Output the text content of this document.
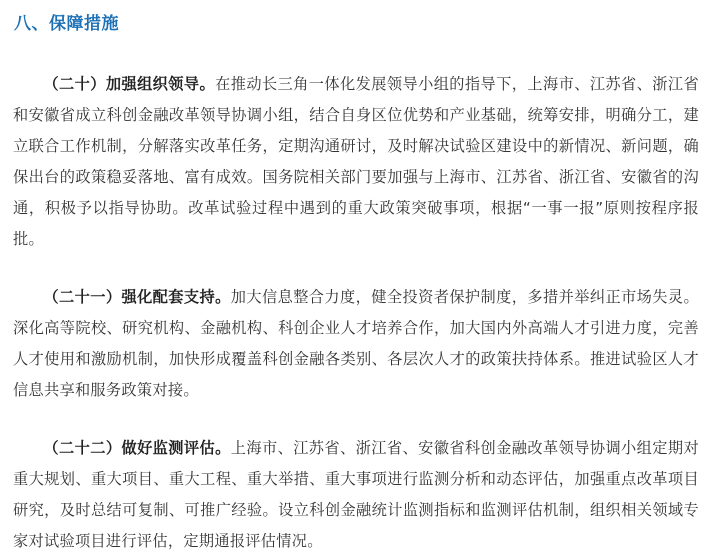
八、保障措施

（二十）加强组织领导。在推动长三角一体化发展领导小组的指导下，上海市、江苏省、浙江省和安徽省成立科创金融改革领导协调小组，结合自身区位优势和产业基础，统筹安排，明确分工，建立联合工作机制，分解落实改革任务，定期沟通研讨，及时解决试验区建设中的新情况、新问题，确保出台的政策稳妥落地、富有成效。国务院相关部门要加强与上海市、江苏省、浙江省、安徽省的沟通，积极予以指导协助。改革试验过程中遇到的重大政策突破事项，根据“一事一报”原则按程序报批。

（二十一）强化配套支持。加大信息整合力度，健全投资者保护制度，多措并举纠正市场失灵。深化高等院校、研究机构、金融机构、科创企业人才培养合作，加大国内外高端人才引进力度，完善人才使用和激励机制，加快形成覆盖科创金融各类别、各层次人才的政策扶持体系。推进试验区人才信息共享和服务政策对接。

（二十二）做好监测评估。上海市、江苏省、浙江省、安徽省科创金融改革领导协调小组定期对重大规划、重大项目、重大工程、重大举措、重大事项进行监测分析和动态评估，加强重点改革项目研究，及时总结可复制、可推广经验。设立科创金融统计监测指标和监测评估机制，组织相关领域专家对试验项目进行评估，定期通报评估情况。
